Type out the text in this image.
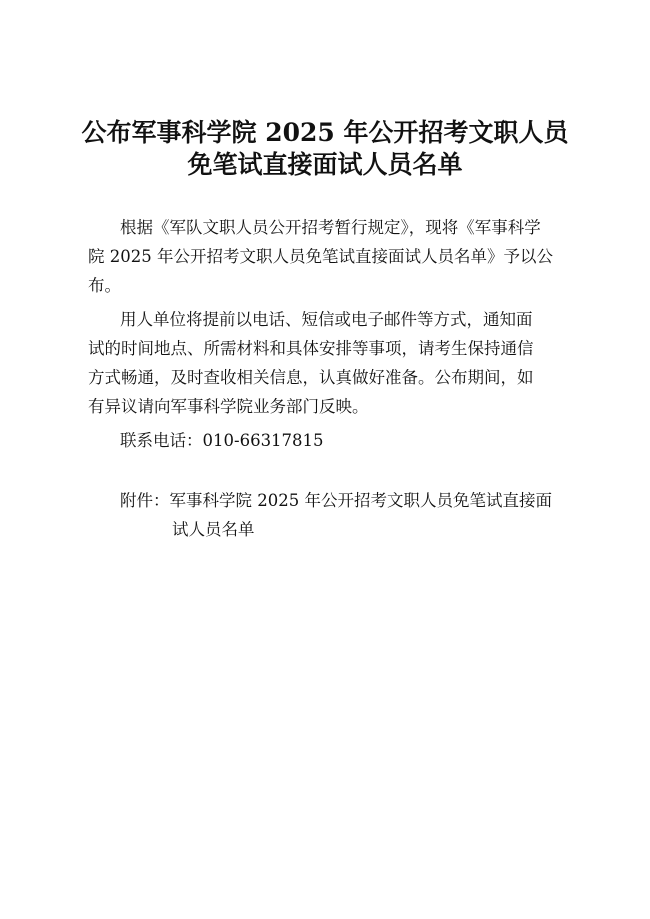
公布军事科学院 2025 年公开招考文职人员
免笔试直接面试人员名单
根据《军队文职人员公开招考暂行规定》，现将《军事科学
院 2025 年公开招考文职人员免笔试直接面试人员名单》予以公
布。
用人单位将提前以电话、短信或电子邮件等方式，通知面
试的时间地点、所需材料和具体安排等事项，请考生保持通信
方式畅通，及时查收相关信息，认真做好准备。公布期间，如
有异议请向军事科学院业务部门反映。
联系电话：010-66317815
附件：军事科学院 2025 年公开招考文职人员免笔试直接面
试人员名单
